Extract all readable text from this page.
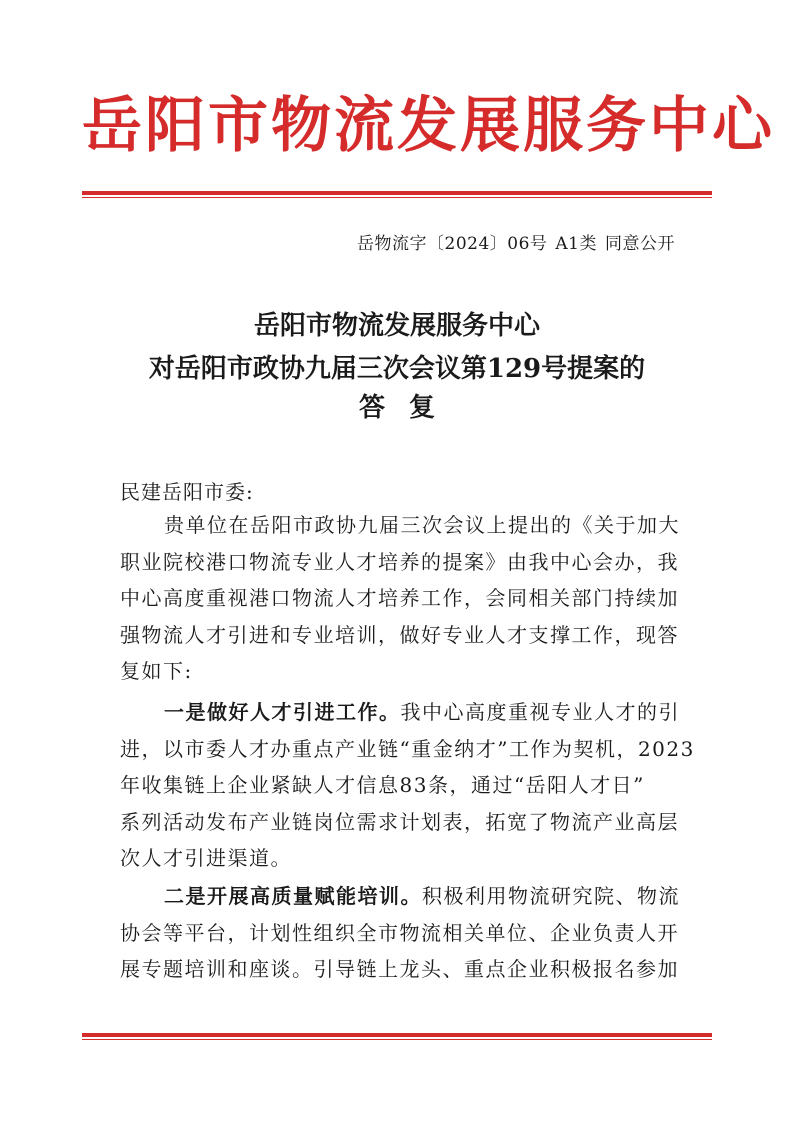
岳阳市物流发展服务中心
岳物流字〔2024〕06号 A1类 同意公开
岳阳市物流发展服务中心
对岳阳市政协九届三次会议第129号提案的
答复
民建岳阳市委:
贵单位在岳阳市政协九届三次会议上提出的《关于加大
职业院校港口物流专业人才培养的提案》由我中心会办，我
中心高度重视港口物流人才培养工作，会同相关部门持续加
强物流人才引进和专业培训，做好专业人才支撑工作，现答
复如下:
一是做好人才引进工作。我中心高度重视专业人才的引
进，以市委人才办重点产业链“重金纳才”工作为契机，2023
年收集链上企业紧缺人才信息83条，通过“岳阳人才日”
系列活动发布产业链岗位需求计划表，拓宽了物流产业高层
次人才引进渠道。
二是开展高质量赋能培训。积极利用物流研究院、物流
协会等平台，计划性组织全市物流相关单位、企业负责人开
展专题培训和座谈。引导链上龙头、重点企业积极报名参加
